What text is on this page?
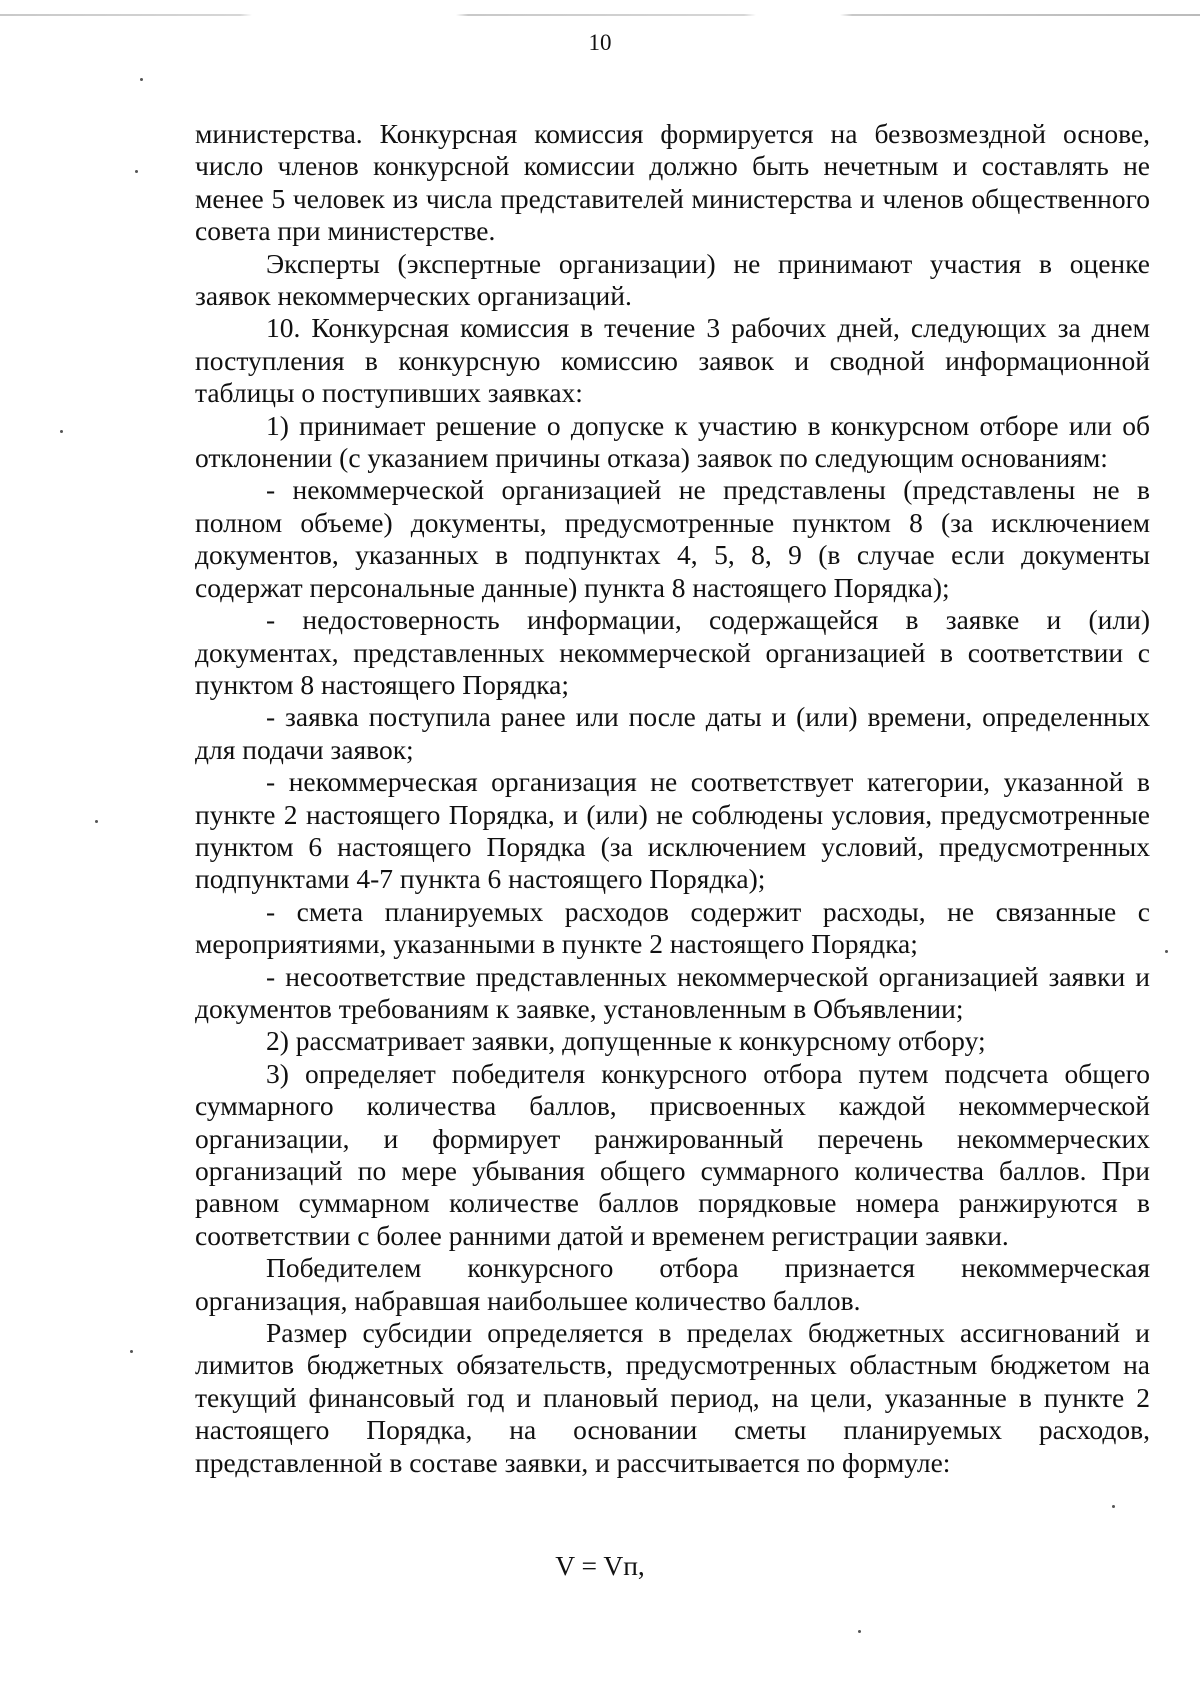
10

министерства. Конкурсная комиссия формируется на безвозмездной основе, число членов конкурсной комиссии должно быть нечетным и составлять не менее 5 человек из числа представителей министерства и членов общественного совета при министерстве.

Эксперты (экспертные организации) не принимают участия в оценке заявок некоммерческих организаций.

10. Конкурсная комиссия в течение 3 рабочих дней, следующих за днем поступления в конкурсную комиссию заявок и сводной информационной таблицы о поступивших заявках:

1) принимает решение о допуске к участию в конкурсном отборе или об отклонении (с указанием причины отказа) заявок по следующим основаниям:

- некоммерческой организацией не представлены (представлены не в полном объеме) документы, предусмотренные пунктом 8 (за исключением документов, указанных в подпунктах 4, 5, 8, 9 (в случае если документы содержат персональные данные) пункта 8 настоящего Порядка);

- недостоверность информации, содержащейся в заявке и (или) документах, представленных некоммерческой организацией в соответствии с пунктом 8 настоящего Порядка;

- заявка поступила ранее или после даты и (или) времени, определенных для подачи заявок;

- некоммерческая организация не соответствует категории, указанной в пункте 2 настоящего Порядка, и (или) не соблюдены условия, предусмотренные пунктом 6 настоящего Порядка (за исключением условий, предусмотренных подпунктами 4-7 пункта 6 настоящего Порядка);

- смета планируемых расходов содержит расходы, не связанные с мероприятиями, указанными в пункте 2 настоящего Порядка;

- несоответствие представленных некоммерческой организацией заявки и документов требованиям к заявке, установленным в Объявлении;

2) рассматривает заявки, допущенные к конкурсному отбору;

3) определяет победителя конкурсного отбора путем подсчета общего суммарного количества баллов, присвоенных каждой некоммерческой организации, и формирует ранжированный перечень некоммерческих организаций по мере убывания общего суммарного количества баллов. При равном суммарном количестве баллов порядковые номера ранжируются в соответствии с более ранними датой и временем регистрации заявки.

Победителем конкурсного отбора признается некоммерческая организация, набравшая наибольшее количество баллов.

Размер субсидии определяется в пределах бюджетных ассигнований и лимитов бюджетных обязательств, предусмотренных областным бюджетом на текущий финансовый год и плановый период, на цели, указанные в пункте 2 настоящего Порядка, на основании сметы планируемых расходов, представленной в составе заявки, и рассчитывается по формуле:

V = Vп,
